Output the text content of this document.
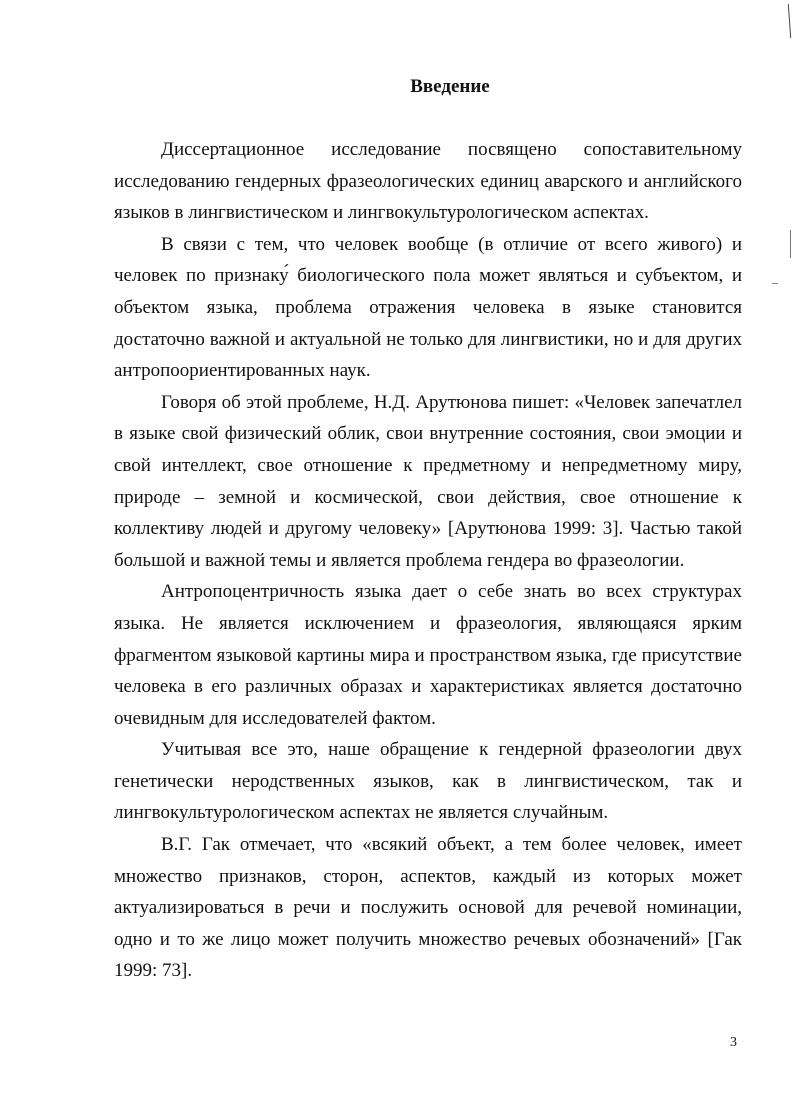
Введение

Диссертационное исследование посвящено сопоставительному исследованию гендерных фразеологических единиц аварского и английского языков в лингвистическом и лингвокультурологическом аспектах.

В связи с тем, что человек вообще (в отличие от всего живого) и человек по признаку́ биологического пола может являться и субъектом, и объектом языка, проблема отражения человека в языке становится достаточно важной и актуальной не только для лингвистики, но и для других антропоориентированных наук.

Говоря об этой проблеме, Н.Д. Арутюнова пишет: «Человек запечатлел в языке свой физический облик, свои внутренние состояния, свои эмоции и свой интеллект, свое отношение к предметному и непредметному миру, природе – земной и космической, свои действия, свое отношение к коллективу людей и другому человеку» [Арутюнова 1999: 3]. Частью такой большой и важной темы и является проблема гендера во фразеологии.

Антропоцентричность языка дает о себе знать во всех структурах языка. Не является исключением и фразеология, являющаяся ярким фрагментом языковой картины мира и пространством языка, где присутствие человека в его различных образах и характеристиках является достаточно очевидным для исследователей фактом.

Учитывая все это, наше обращение к гендерной фразеологии двух генетически неродственных языков, как в лингвистическом, так и лингвокультурологическом аспектах не является случайным.

В.Г. Гак отмечает, что «всякий объект, а тем более человек, имеет множество признаков, сторон, аспектов, каждый из которых может актуализироваться в речи и послужить основой для речевой номинации, одно и то же лицо может получить множество речевых обозначений» [Гак 1999: 73].

3
